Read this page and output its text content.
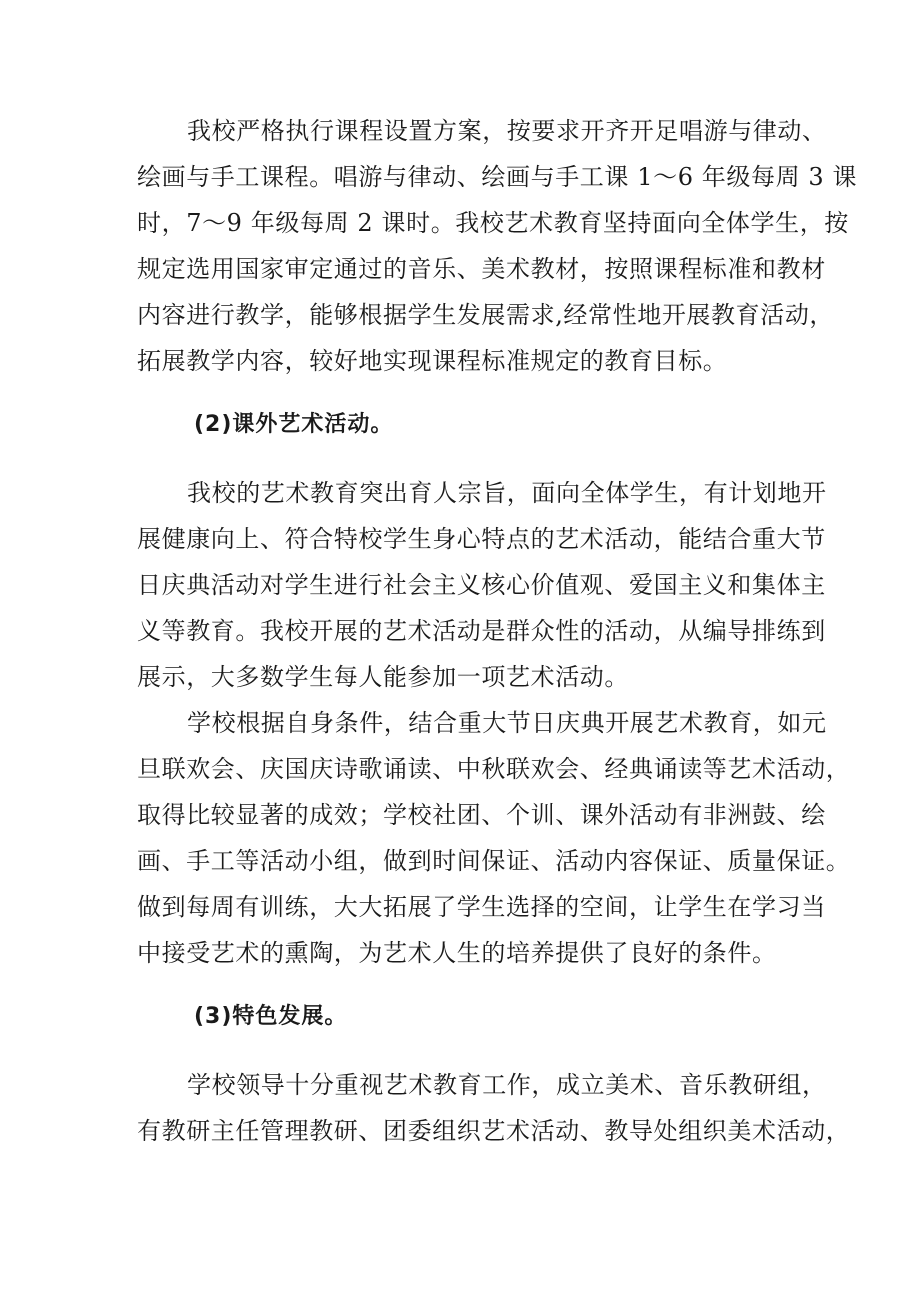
我校严格执行课程设置方案，按要求开齐开足唱游与律动、
绘画与手工课程。唱游与律动、绘画与手工课 1～6 年级每周 3 课
时，7～9 年级每周 2 课时。我校艺术教育坚持面向全体学生，按
规定选用国家审定通过的音乐、美术教材，按照课程标准和教材
内容进行教学，能够根据学生发展需求,经常性地开展教育活动，
拓展教学内容，较好地实现课程标准规定的教育目标。
(2)课外艺术活动。
我校的艺术教育突出育人宗旨，面向全体学生，有计划地开
展健康向上、符合特校学生身心特点的艺术活动，能结合重大节
日庆典活动对学生进行社会主义核心价值观、爱国主义和集体主
义等教育。我校开展的艺术活动是群众性的活动，从编导排练到
展示，大多数学生每人能参加一项艺术活动。
学校根据自身条件，结合重大节日庆典开展艺术教育，如元
旦联欢会、庆国庆诗歌诵读、中秋联欢会、经典诵读等艺术活动，
取得比较显著的成效；学校社团、个训、课外活动有非洲鼓、绘
画、手工等活动小组，做到时间保证、活动内容保证、质量保证。
做到每周有训练，大大拓展了学生选择的空间，让学生在学习当
中接受艺术的熏陶，为艺术人生的培养提供了良好的条件。
(3)特色发展。
学校领导十分重视艺术教育工作，成立美术、音乐教研组，
有教研主任管理教研、团委组织艺术活动、教导处组织美术活动，
